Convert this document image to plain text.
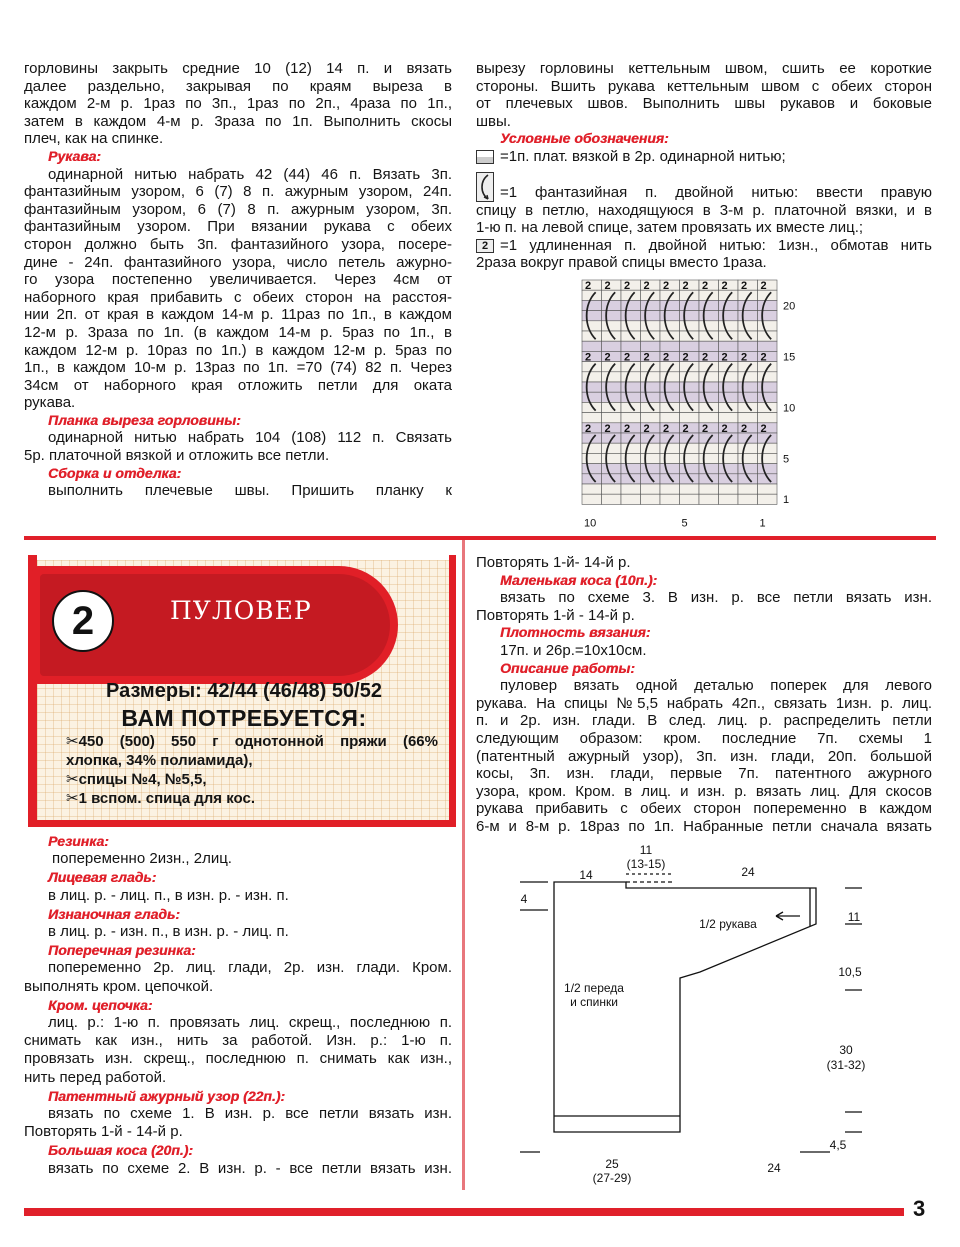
горловины закрыть средние 10 (12) 14 п. и вязать

далее раздельно, закрывая по краям выреза в

каждом 2-м р. 1раз по 3п., 1раз по 2п., 4раза по 1п.,

затем в каждом 4-м р. 3раза по 1п. Выполнить скосы

плеч, как на спинке.

Рукава:

одинарной нитью набрать 42 (44) 46 п. Вязать 3п.

фантазийным узором, 6 (7) 8 п. ажурным узором, 24п.

фантазийным узором, 6 (7) 8 п. ажурным узором, 3п.

фантазийным узором. При вязании рукава с обеих

сторон должно быть 3п. фантазийного узора, посере-

дине - 24п. фантазийного узора, число петель ажурно-

го узора постепенно увеличивается. Через 4см от

наборного края прибавить с обеих сторон на расстоя-

нии 2п. от края в каждом 14-м р. 11раз по 1п., в каждом

12-м р. 3раза по 1п. (в каждом 14-м р. 5раз по 1п., в

каждом 12-м р. 10раз по 1п.) в каждом 12-м р. 5раз по

1п., в каждом 10-м р. 13раз по 1п. =70 (74) 82 п. Через

34см от наборного края отложить петли для оката

рукава.

Планка выреза горловины:

одинарной нитью набрать 104 (108) 112 п. Связать

5р. платочной вязкой и отложить все петли.

Сборка и отделка:

выполнить плечевые швы. Пришить планку к

вырезу горловины кеттельным швом, сшить ее короткие

стороны. Вшить рукава кеттельным швом с обеих сторон

от плечевых швов. Выполнить швы рукавов и боковые

швы.

Условные обозначения:

=1п. плат. вязкой в 2р. одинарной нитью;

=1 фантазийная п. двойной нитью: ввести правую

спицу в петлю, находящуюся в 3-м р. платочной вязки, и в

1-ю п. на левой спице, затем провязать их вместе лиц.;

2 =1 удлиненная п. двойной нитью: 1изн., обмотав нить

2раза вокруг правой спицы вместо 1раза.

2 2 2 2 2 2 2 2 2 2
2 2 2 2 2 2 2 2 2 2
2 2 2 2 2 2 2 2 2 2
20
15
10
5
1
10	5	1
2	ПУЛОВЕР
Размеры: 42/44 (46/48) 50/52
ВАМ ПОТРЕБУЕТСЯ:
✂450 (500) 550 г однотонной пряжи (66%
хлопка, 34% полиамида),
✂спицы №4, №5,5,
✂1 вспом. спица для кос.

Резинка:

попеременно 2изн., 2лиц.

Лицевая гладь:

в лиц. р. - лиц. п., в изн. р. - изн. п.

Изнаночная гладь:

в лиц. р. - изн. п., в изн. р. - лиц. п.

Поперечная резинка:

попеременно 2р. лиц. глади, 2р. изн. глади. Кром.

выполнять кром. цепочкой.

Кром. цепочка:

лиц. р.: 1-ю п. провязать лиц. скрещ., последнюю п.

снимать как изн., нить за работой. Изн. р.: 1-ю п.

провязать изн. скрещ., последнюю п. снимать как изн.,

нить перед работой.

Патентный ажурный узор (22п.):

вязать по схеме 1. В изн. р. все петли вязать изн.

Повторять 1-й - 14-й р.

Большая коса (20п.):

вязать по схеме 2. В изн. р. - все петли вязать изн.

Повторять 1-й- 14-й р.

Маленькая коса (10п.):

вязать по схеме 3. В изн. р. все петли вязать изн.

Повторять 1-й - 14-й р.

Плотность вязания:

17п. и 26р.=10х10см.

Описание работы:

пуловер вязать одной деталью поперек для левого

рукава. На спицы №5,5 набрать 42п., связать 1изн. р. лиц.

п. и 2р. изн. глади. В след. лиц. р. распределить петли

следующим образом: кром. последние 7п. схемы 1

(патентный ажурный узор), 3п. изн. глади, 20п. большой

косы, 3п. изн. глади, первые 7п. патентного ажурного

узора, кром. Кром. в лиц. и изн. р. вязать лиц. Для скосов

рукава прибавить с обеих сторон попеременно в каждом

6-м и 8-м р. 18раз по 1п. Набранные петли сначала вязать

11
(13-15)
14	24
4
11
10,5
30
(31-32)
4,5
25
(27-29)
24
1/2 рукава
1/2 переда
и спинки
3
